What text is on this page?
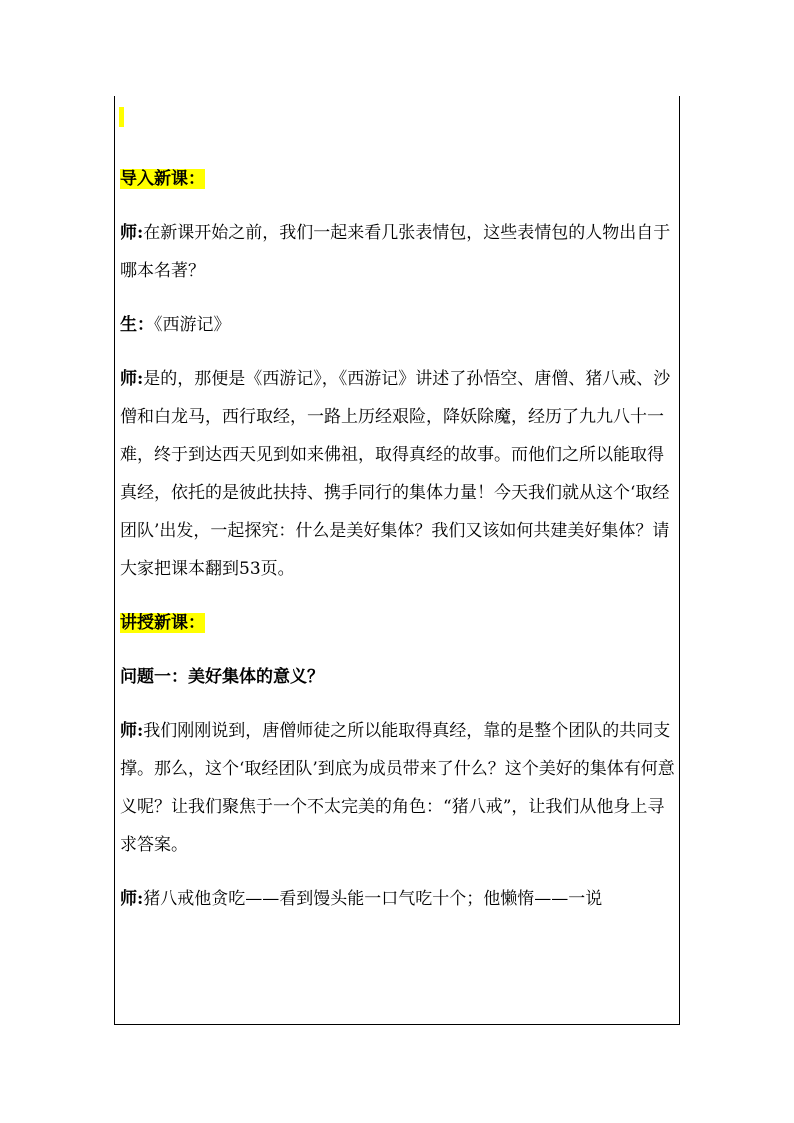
导入新课：

师:在新课开始之前，我们一起来看几张表情包，这些表情包的人物出自于哪本名著？

生：《西游记》

师:是的，那便是《西游记》，《西游记》讲述了孙悟空、唐僧、猪八戒、沙僧和白龙马，西行取经，一路上历经艰险，降妖除魔，经历了九九八十一难，终于到达西天见到如来佛祖，取得真经的故事。而他们之所以能取得真经，依托的是彼此扶持、携手同行的集体力量！今天我们就从这个‘取经团队’出发，一起探究：什么是美好集体？我们又该如何共建美好集体？请大家把课本翻到53页。

讲授新课：

问题一：美好集体的意义？

师:我们刚刚说到，唐僧师徒之所以能取得真经，靠的是整个团队的共同支撑。那么，这个‘取经团队’到底为成员带来了什么？这个美好的集体有何意义呢？让我们聚焦于一个不太完美的角色：“猪八戒”，让我们从他身上寻求答案。

师:猪八戒他贪吃——看到馒头能一口气吃十个；他懒惰——一说
